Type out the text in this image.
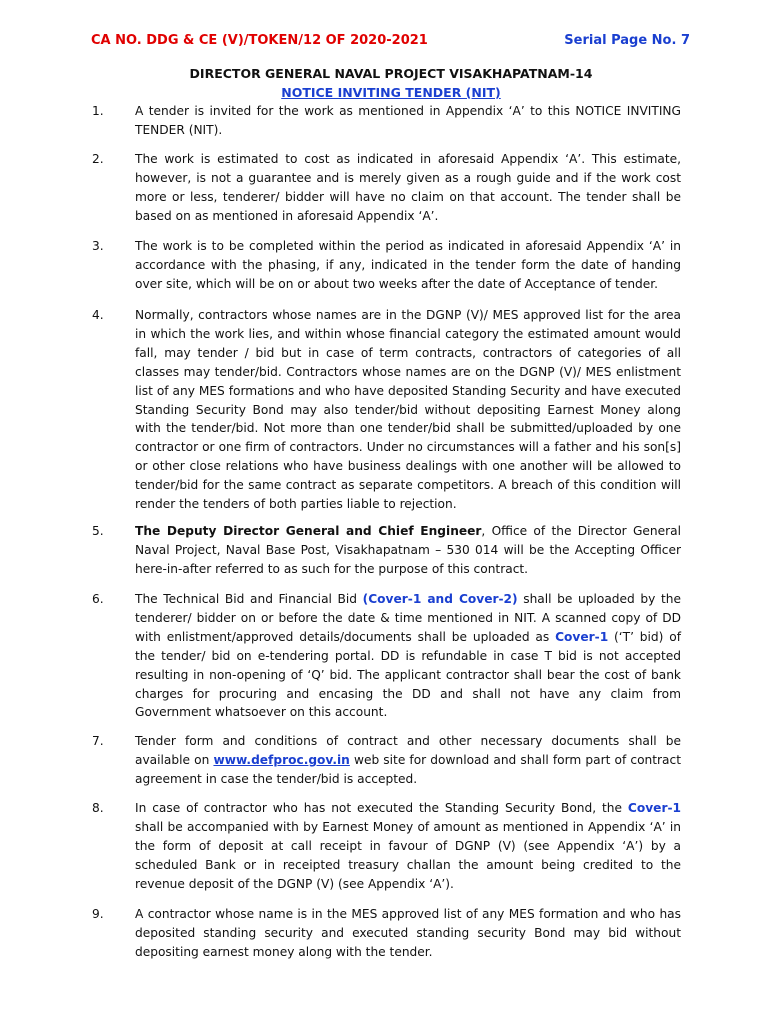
CA NO. DDG & CE (V)/TOKEN/12 OF 2020-2021	Serial Page No. 7
DIRECTOR GENERAL NAVAL PROJECT VISAKHAPATNAM-14
NOTICE INVITING TENDER (NIT)
1.	A tender is invited for the work as mentioned in Appendix ‘A’ to this NOTICE INVITING TENDER (NIT).
2.	The work is estimated to cost as indicated in aforesaid Appendix ‘A’. This estimate, however, is not a guarantee and is merely given as a rough guide and if the work cost more or less, tenderer/ bidder will have no claim on that account. The tender shall be based on as mentioned in aforesaid Appendix ‘A’.
3.	The work is to be completed within the period as indicated in aforesaid Appendix ‘A’ in accordance with the phasing, if any, indicated in the tender form the date of handing over site, which will be on or about two weeks after the date of Acceptance of tender.
4.	Normally, contractors whose names are in the DGNP (V)/ MES approved list for the area in which the work lies, and within whose financial category the estimated amount would fall, may tender / bid but in case of term contracts, contractors of categories of all classes may tender/bid. Contractors whose names are on the DGNP (V)/ MES enlistment list of any MES formations and who have deposited Standing Security and have executed Standing Security Bond may also tender/bid without depositing Earnest Money along with the tender/bid. Not more than one tender/bid shall be submitted/uploaded by one contractor or one firm of contractors. Under no circumstances will a father and his son[s] or other close relations who have business dealings with one another will be allowed to tender/bid for the same contract as separate competitors. A breach of this condition will render the tenders of both parties liable to rejection.
5.	The Deputy Director General and Chief Engineer, Office of the Director General Naval Project, Naval Base Post, Visakhapatnam – 530 014 will be the Accepting Officer here-in-after referred to as such for the purpose of this contract.
6.	The Technical Bid and Financial Bid (Cover-1 and Cover-2) shall be uploaded by the tenderer/ bidder on or before the date & time mentioned in NIT. A scanned copy of DD with enlistment/approved details/documents shall be uploaded as Cover-1 (‘T’ bid) of the tender/ bid on e-tendering portal. DD is refundable in case T bid is not accepted resulting in non-opening of ‘Q’ bid. The applicant contractor shall bear the cost of bank charges for procuring and encasing the DD and shall not have any claim from Government whatsoever on this account.
7.	Tender form and conditions of contract and other necessary documents shall be available on www.defproc.gov.in web site for download and shall form part of contract agreement in case the tender/bid is accepted.
8.	In case of contractor who has not executed the Standing Security Bond, the Cover-1 shall be accompanied with by Earnest Money of amount as mentioned in Appendix ‘A’ in the form of deposit at call receipt in favour of DGNP (V) (see Appendix ‘A’) by a scheduled Bank or in receipted treasury challan the amount being credited to the revenue deposit of the DGNP (V) (see Appendix ‘A’).
9.	A contractor whose name is in the MES approved list of any MES formation and who has deposited standing security and executed standing security Bond may bid without depositing earnest money along with the tender.
